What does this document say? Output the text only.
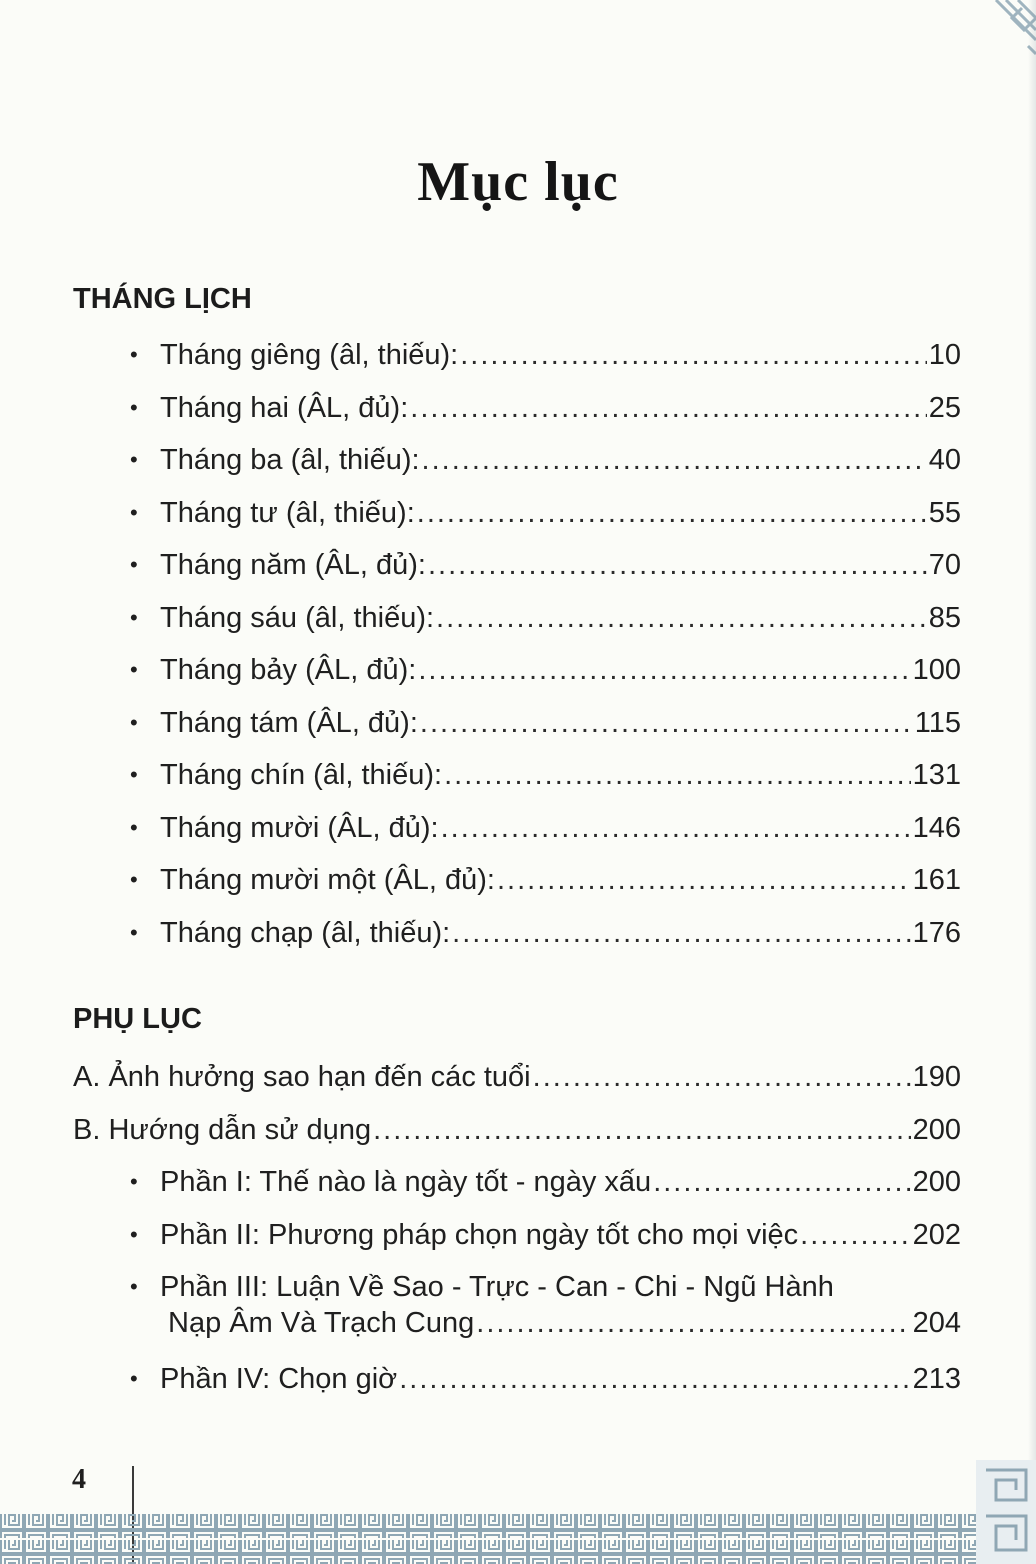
Mục lục
THÁNG LỊCH
• Tháng giêng (âl, thiếu): .....	10
• Tháng hai (ÂL, đủ): .....	25
• Tháng ba (âl, thiếu): .....	40
• Tháng tư (âl, thiếu): .....	55
• Tháng năm (ÂL, đủ): .....	70
• Tháng sáu (âl, thiếu): .....	85
• Tháng bảy (ÂL, đủ): .....	100
• Tháng tám (ÂL, đủ): .....	115
• Tháng chín (âl, thiếu): .....	131
• Tháng mười (ÂL, đủ): .....	146
• Tháng mười một (ÂL, đủ): .....	161
• Tháng chạp (âl, thiếu): .....	176
PHỤ LỤC
A. Ảnh hưởng sao hạn đến các tuổi .....	190
B. Hướng dẫn sử dụng .....	200
• Phần I: Thế nào là ngày tốt - ngày xấu .....	200
• Phần II: Phương pháp chọn ngày tốt cho mọi việc .....	202
• Phần III: Luận Về Sao - Trực - Can - Chi - Ngũ Hành
Nạp Âm Và Trạch Cung .....	204
• Phần IV: Chọn giờ .....	213
4
